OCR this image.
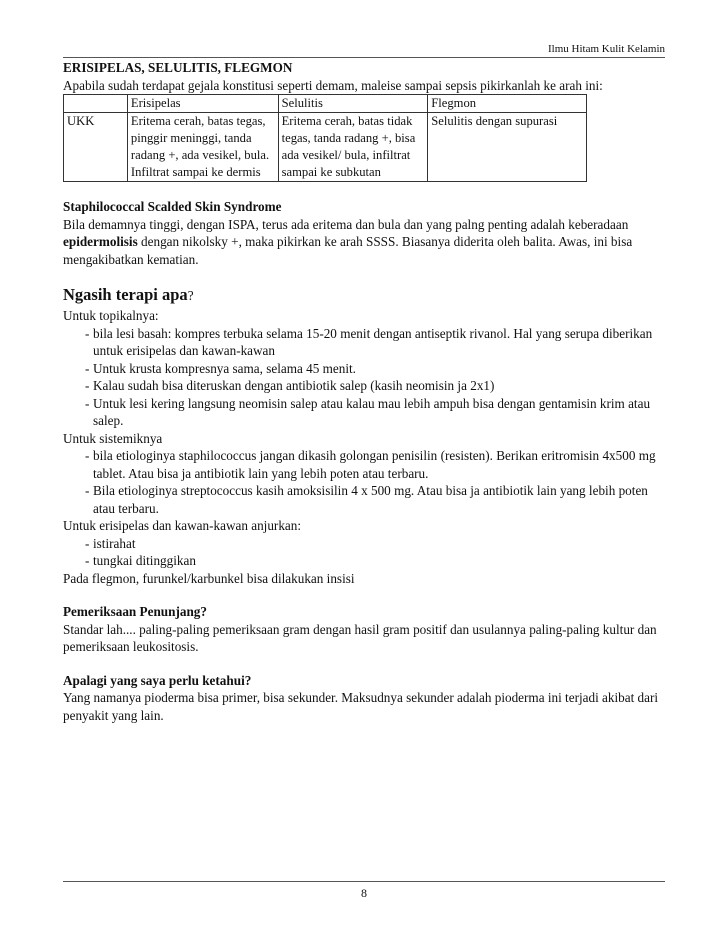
Ilmu Hitam Kulit Kelamin

ERISIPELAS, SELULITIS, FLEGMON

Apabila sudah terdapat gejala konstitusi seperti demam, maleise sampai sepsis pikirkanlah ke arah ini:

	Erisipelas	Selulitis	Flegmon
UKK	Eritema cerah, batas tegas, pinggir meninggi, tanda radang +, ada vesikel, bula. Infiltrat sampai ke dermis	Eritema cerah, batas tidak tegas, tanda radang +, bisa ada vesikel/ bula, infiltrat sampai ke subkutan	Selulitis dengan supurasi

Staphilococcal Scalded Skin Syndrome

Bila demamnya tinggi, dengan ISPA, terus ada eritema dan bula dan yang palng penting adalah keberadaan epidermolisis dengan nikolsky +, maka pikirkan ke arah SSSS. Biasanya diderita oleh balita. Awas, ini bisa mengakibatkan kematian.

Ngasih terapi apa?

Untuk topikalnya:

- bila lesi basah: kompres terbuka selama 15-20 menit dengan antiseptik rivanol. Hal yang serupa diberikan untuk erisipelas dan kawan-kawan
- Untuk krusta kompresnya sama, selama 45 menit.
- Kalau sudah bisa diteruskan dengan antibiotik salep (kasih neomisin ja 2x1)
- Untuk lesi kering langsung neomisin salep atau kalau mau lebih ampuh bisa dengan gentamisin krim atau salep.

Untuk sistemiknya

- bila etiologinya staphilococcus jangan dikasih golongan penisilin (resisten). Berikan eritromisin 4x500 mg tablet. Atau bisa ja antibiotik lain yang lebih poten atau terbaru.
- Bila etiologinya streptococcus kasih amoksisilin 4 x 500 mg. Atau bisa ja antibiotik lain yang lebih poten atau terbaru.

Untuk erisipelas dan kawan-kawan anjurkan:

- istirahat
- tungkai ditinggikan

Pada flegmon, furunkel/karbunkel bisa dilakukan insisi

Pemeriksaan Penunjang?

Standar lah.... paling-paling pemeriksaan gram dengan hasil gram positif dan usulannya paling-paling kultur dan pemeriksaan leukositosis.

Apalagi yang saya perlu ketahui?

Yang namanya pioderma bisa primer, bisa sekunder. Maksudnya sekunder adalah pioderma ini terjadi akibat dari penyakit yang lain.

8
